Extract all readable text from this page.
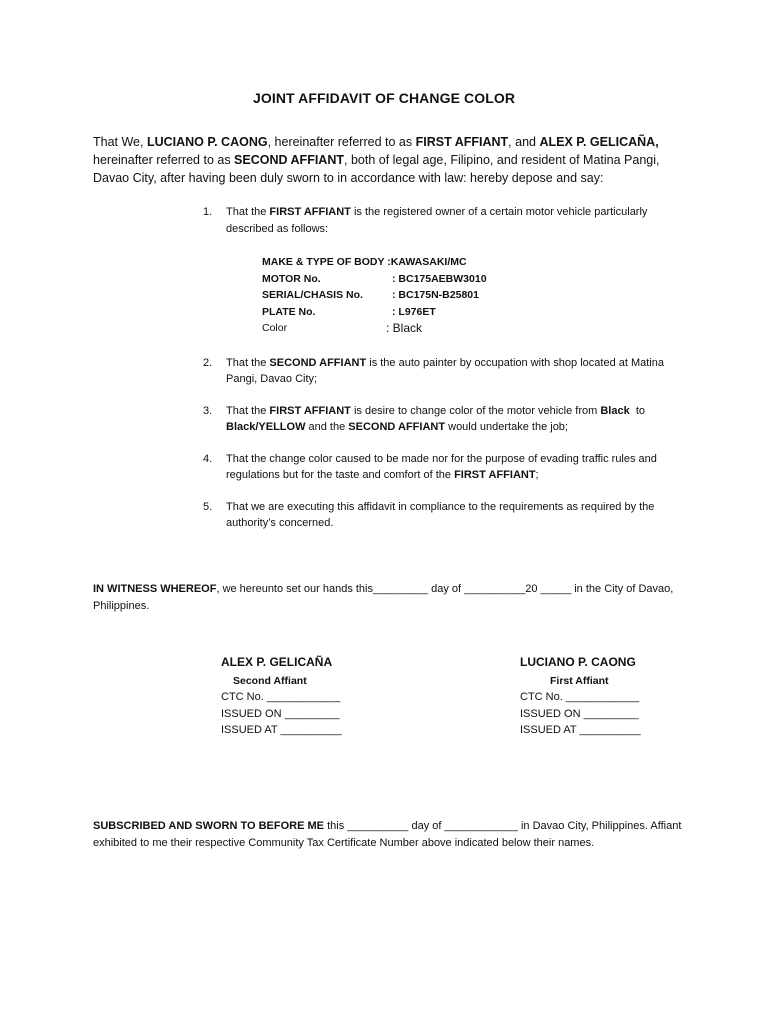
JOINT AFFIDAVIT OF CHANGE COLOR
That We, LUCIANO P. CAONG, hereinafter referred to as FIRST AFFIANT, and ALEX P. GELICAÑA, hereinafter referred to as SECOND AFFIANT, both of legal age, Filipino, and resident of Matina Pangi, Davao City, after having been duly sworn to in accordance with law: hereby depose and say:
1. That the FIRST AFFIANT is the registered owner of a certain motor vehicle particularly described as follows:
MAKE & TYPE OF BODY : KAWASAKI/MC
MOTOR No.	: BC175AEBW3010
SERIAL/CHASIS No.	: BC175N-B25801
PLATE No.	: L976ET
Color	: Black
2. That the SECOND AFFIANT is the auto painter by occupation with shop located at Matina Pangi, Davao City;
3. That the FIRST AFFIANT is desire to change color of the motor vehicle from Black  to Black/YELLOW and the SECOND AFFIANT would undertake the job;
4. That the change color caused to be made nor for the purpose of evading traffic rules and regulations but for the taste and comfort of the FIRST AFFIANT;
5. That we are executing this affidavit in compliance to the requirements as required by the authority’s concerned.
IN WITNESS WHEREOF, we hereunto set our hands this_________ day of __________20 _____ in the City of Davao, Philippines.
ALEX P. GELICAÑA
Second Affiant
CTC No. ____________
ISSUED ON _________
ISSUED AT __________
LUCIANO P. CAONG
First Affiant
CTC No. ____________
ISSUED ON _________
ISSUED AT __________
SUBSCRIBED AND SWORN TO BEFORE ME this __________ day of ____________ in Davao City, Philippines. Affiant exhibited to me their respective Community Tax Certificate Number above indicated below their names.
